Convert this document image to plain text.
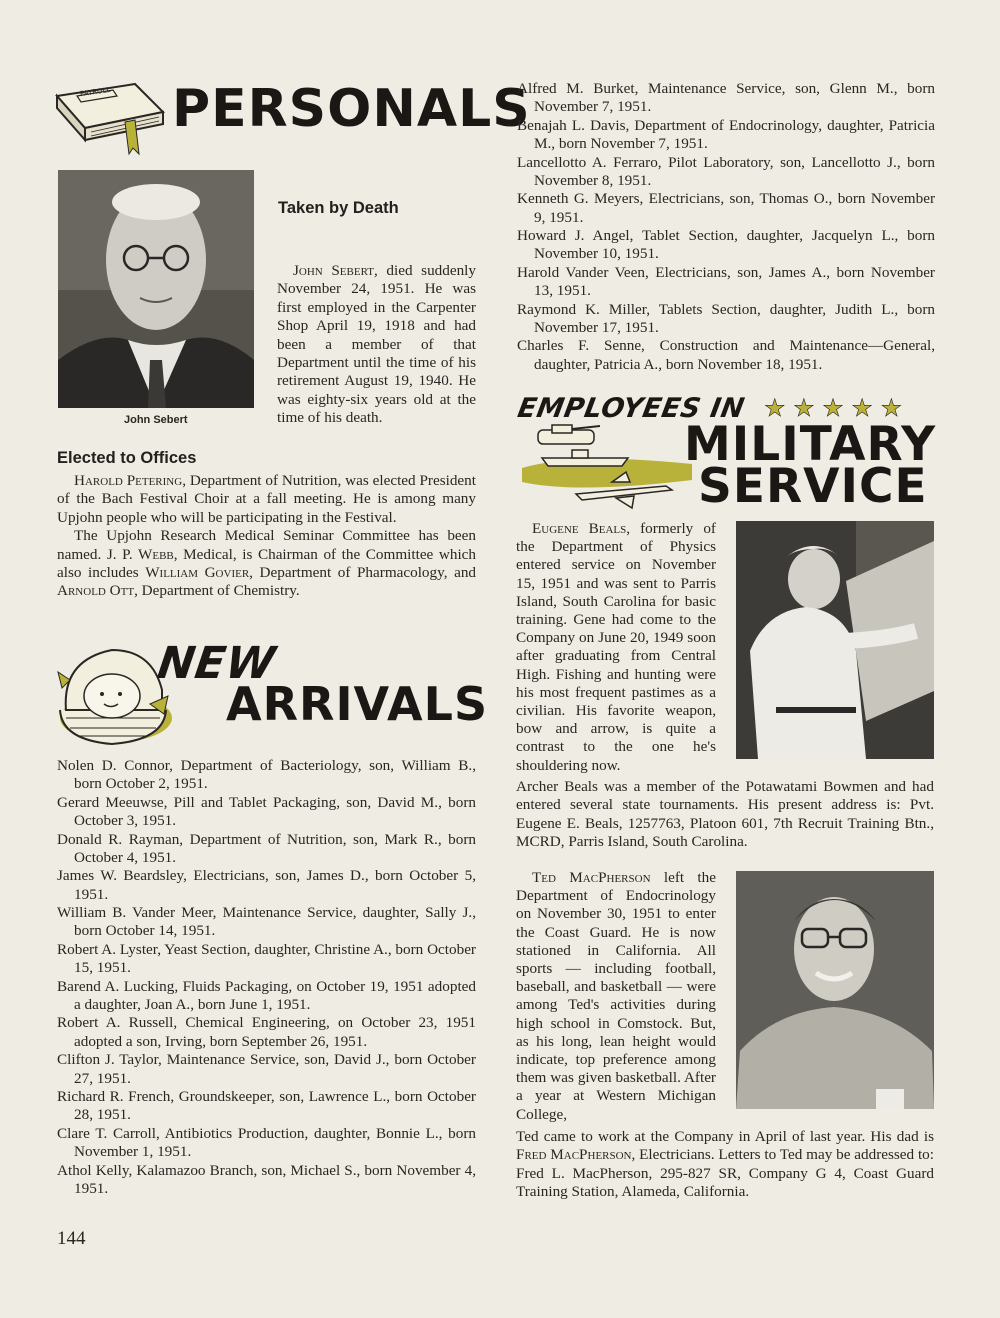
PAYROLL PERSONALS
John Sebert
Taken by Death

John Sebert, died suddenly November 24, 1951. He was first employed in the Carpenter Shop April 19, 1918 and had been a member of that Department until the time of his retirement August 19, 1940. He was eighty-six years old at the time of his death.

Elected to Offices

Harold Petering, Department of Nutrition, was elected President of the Bach Festival Choir at a fall meeting. He is among many Upjohn people who will be participating in the Festival.

The Upjohn Research Medical Seminar Committee has been named. J. P. Webb, Medical, is Chairman of the Committee which also includes William Govier, Department of Pharmacology, and Arnold Ott, Department of Chemistry.

NEW
ARRIVALS

Nolen D. Connor, Department of Bacteriology, son, William B., born October 2, 1951.

Gerard Meeuwse, Pill and Tablet Packaging, son, David M., born October 3, 1951.

Donald R. Rayman, Department of Nutrition, son, Mark R., born October 4, 1951.

James W. Beardsley, Electricians, son, James D., born October 5, 1951.

William B. Vander Meer, Maintenance Service, daughter, Sally J., born October 14, 1951.

Robert A. Lyster, Yeast Section, daughter, Christine A., born October 15, 1951.

Barend A. Lucking, Fluids Packaging, on October 19, 1951 adopted a daughter, Joan A., born June 1, 1951.

Robert A. Russell, Chemical Engineering, on October 23, 1951 adopted a son, Irving, born September 26, 1951.

Clifton J. Taylor, Maintenance Service, son, David J., born October 27, 1951.

Richard R. French, Groundskeeper, son, Lawrence L., born October 28, 1951.

Clare T. Carroll, Antibiotics Production, daughter, Bonnie L., born November 1, 1951.

Athol Kelly, Kalamazoo Branch, son, Michael S., born November 4, 1951.

Alfred M. Burket, Maintenance Service, son, Glenn M., born November 7, 1951.

Benajah L. Davis, Department of Endocrinology, daughter, Patricia M., born November 7, 1951.

Lancellotto A. Ferraro, Pilot Laboratory, son, Lancellotto J., born November 8, 1951.

Kenneth G. Meyers, Electricians, son, Thomas O., born November 9, 1951.

Howard J. Angel, Tablet Section, daughter, Jacquelyn L., born November 10, 1951.

Harold Vander Veen, Electricians, son, James A., born November 13, 1951.

Raymond K. Miller, Tablets Section, daughter, Judith L., born November 17, 1951.

Charles F. Senne, Construction and Maintenance—General, daughter, Patricia A., born November 18, 1951.

EMPLOYEES IN ★ ★ ★ ★ ★
MILITARY
SERVICE

Eugene Beals, formerly of the Department of Physics entered service on November 15, 1951 and was sent to Parris Island, South Carolina for basic training. Gene had come to the Company on June 20, 1949 soon after graduating from Central High. Fishing and hunting were his most frequent pastimes as a civilian. His favorite weapon, bow and arrow, is quite a contrast to the one he's shouldering now.

Archer Beals was a member of the Potawatami Bowmen and had entered several state tournaments. His present address is: Pvt. Eugene E. Beals, 1257763, Platoon 601, 7th Recruit Training Btn., MCRD, Parris Island, South Carolina.

Ted MacPherson left the Department of Endocrinology on November 30, 1951 to enter the Coast Guard. He is now stationed in California. All sports — including football, baseball, and basketball — were among Ted's activities during high school in Comstock. But, as his long, lean height would indicate, top preference among them was given basketball. After a year at Western Michigan College,

Ted came to work at the Company in April of last year. His dad is Fred MacPherson, Electricians. Letters to Ted may be addressed to: Fred L. MacPherson, 295-827 SR, Company G 4, Coast Guard Training Station, Alameda, California.

144
